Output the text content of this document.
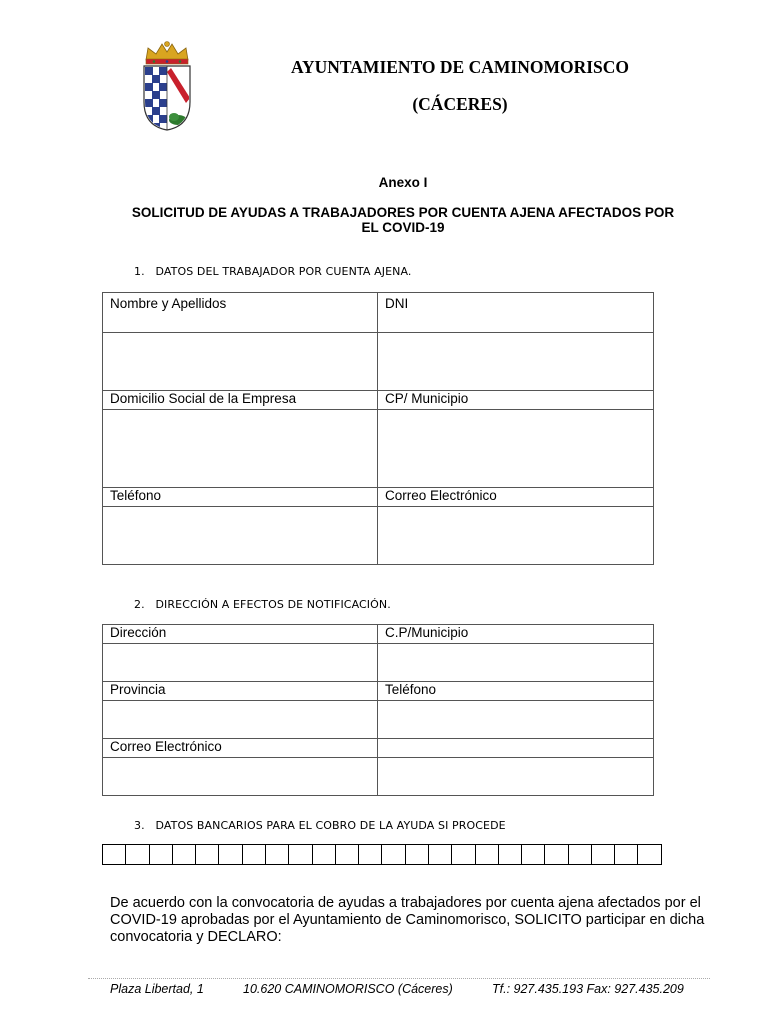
AYUNTAMIENTO DE CAMINOMORISCO
(CÁCERES)
Anexo I
SOLICITUD DE AYUDAS A TRABAJADORES POR CUENTA AJENA AFECTADOS POR
EL COVID-19
1.   DATOS DEL TRABAJADOR POR CUENTA AJENA.
Nombre y Apellidos	DNI

Domicilio Social de la Empresa	CP/ Municipio

Teléfono	Correo Electrónico

2.   DIRECCIÓN A EFECTOS DE NOTIFICACIÓN.
Dirección	C.P/Municipio

Provincia	Teléfono

Correo Electrónico	

3.   DATOS BANCARIOS PARA EL COBRO DE LA AYUDA SI PROCEDE

De acuerdo con la convocatoria de ayudas a trabajadores por cuenta ajena afectados por el
COVID-19 aprobadas por el Ayuntamiento de Caminomorisco, SOLICITO participar en dicha
convocatoria y DECLARO:
Plaza Libertad, 1	10.620 CAMINOMORISCO (Cáceres)	Tf.: 927.435.193 Fax: 927.435.209
